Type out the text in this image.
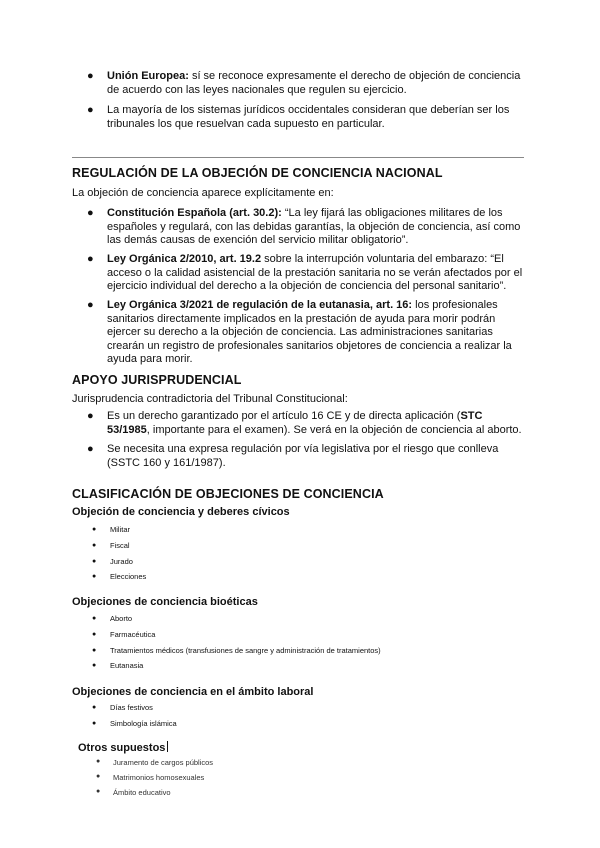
● Unión Europea: sí se reconoce expresamente el derecho de objeción de conciencia de acuerdo con las leyes nacionales que regulen su ejercicio.
● La mayoría de los sistemas jurídicos occidentales consideran que deberían ser los tribunales los que resuelvan cada supuesto en particular.
REGULACIÓN DE LA OBJECIÓN DE CONCIENCIA NACIONAL

La objeción de conciencia aparece explícitamente en:

● Constitución Española (art. 30.2): “La ley fijará las obligaciones militares de los españoles y regulará, con las debidas garantías, la objeción de conciencia, así como las demás causas de exención del servicio militar obligatorio”.
● Ley Orgánica 2/2010, art. 19.2 sobre la interrupción voluntaria del embarazo: “El acceso o la calidad asistencial de la prestación sanitaria no se verán afectados por el ejercicio individual del derecho a la objeción de conciencia del personal sanitario”.
● Ley Orgánica 3/2021 de regulación de la eutanasia, art. 16: los profesionales sanitarios directamente implicados en la prestación de ayuda para morir podrán ejercer su derecho a la objeción de conciencia. Las administraciones sanitarias crearán un registro de profesionales sanitarios objetores de conciencia a realizar la ayuda para morir.
APOYO JURISPRUDENCIAL

Jurisprudencia contradictoria del Tribunal Constitucional:

● Es un derecho garantizado por el artículo 16 CE y de directa aplicación (STC 53/1985, importante para el examen). Se verá en la objeción de conciencia al aborto.
● Se necesita una expresa regulación por vía legislativa por el riesgo que conlleva (SSTC 160 y 161/1987).
CLASIFICACIÓN DE OBJECIONES DE CONCIENCIA
Objeción de conciencia y deberes cívicos
● Militar
● Fiscal
● Jurado
● Elecciones
Objeciones de conciencia bioéticas
● Aborto
● Farmacéutica
● Tratamientos médicos (transfusiones de sangre y administración de tratamientos)
● Eutanasia
Objeciones de conciencia en el ámbito laboral
● Días festivos
● Simbología islámica
Otros supuestos
● Juramento de cargos públicos
● Matrimonios homosexuales
● Ámbito educativo
